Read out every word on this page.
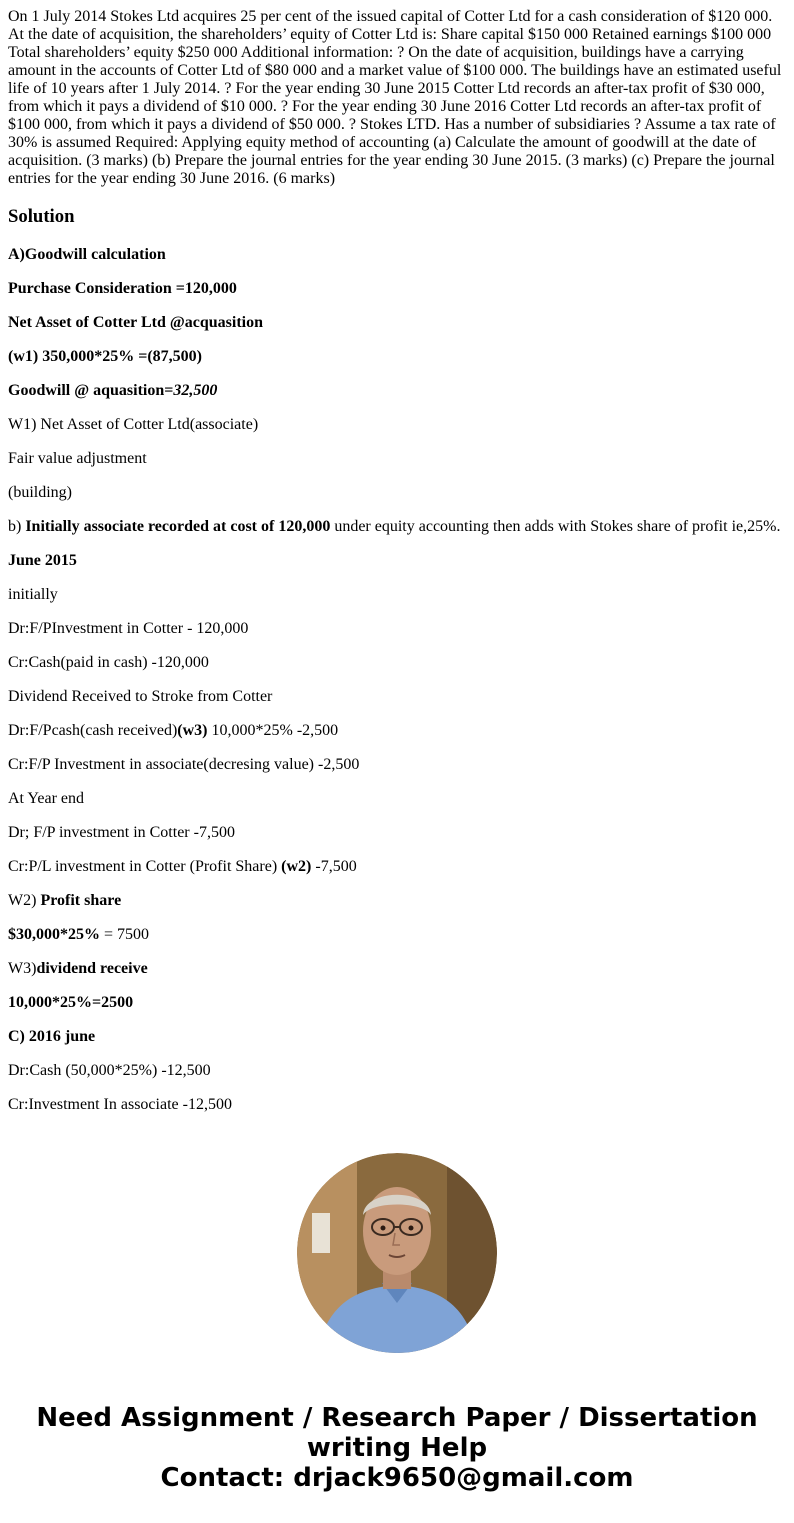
On 1 July 2014 Stokes Ltd acquires 25 per cent of the issued capital of Cotter Ltd for a cash consideration of $120 000. At the date of acquisition, the shareholders’ equity of Cotter Ltd is: Share capital $150 000 Retained earnings $100 000 Total shareholders’ equity $250 000 Additional information: ? On the date of acquisition, buildings have a carrying amount in the accounts of Cotter Ltd of $80 000 and a market value of $100 000. The buildings have an estimated useful life of 10 years after 1 July 2014. ? For the year ending 30 June 2015 Cotter Ltd records an after-tax profit of $30 000, from which it pays a dividend of $10 000. ? For the year ending 30 June 2016 Cotter Ltd records an after-tax profit of $100 000, from which it pays a dividend of $50 000. ? Stokes LTD. Has a number of subsidiaries ? Assume a tax rate of 30% is assumed Required: Applying equity method of accounting (a) Calculate the amount of goodwill at the date of acquisition. (3 marks) (b) Prepare the journal entries for the year ending 30 June 2015. (3 marks) (c) Prepare the journal entries for the year ending 30 June 2016. (6 marks)

Solution

A)Goodwill calculation

Purchase Consideration =120,000

Net Asset of Cotter Ltd @acquasition

(w1) 350,000*25% =(87,500)

Goodwill @ aquasition=32,500

W1) Net Asset of Cotter Ltd(associate)

Fair value adjustment

(building)

b) Initially associate recorded at cost of 120,000 under equity accounting then adds with Stokes share of profit ie,25%.

June 2015

initially

Dr:F/PInvestment in Cotter - 120,000

Cr:Cash(paid in cash) -120,000

Dividend Received to Stroke from Cotter

Dr:F/Pcash(cash received)(w3) 10,000*25% -2,500

Cr:F/P Investment in associate(decresing value) -2,500

At Year end

Dr; F/P investment in Cotter -7,500

Cr:P/L investment in Cotter (Profit Share) (w2) -7,500

W2) Profit share

$30,000*25% = 7500

W3)dividend receive

10,000*25%=2500

C) 2016 june

Dr:Cash (50,000*25%) -12,500

Cr:Investment In associate -12,500

Need Assignment / Research Paper / Dissertation
writing Help
Contact: drjack9650@gmail.com
